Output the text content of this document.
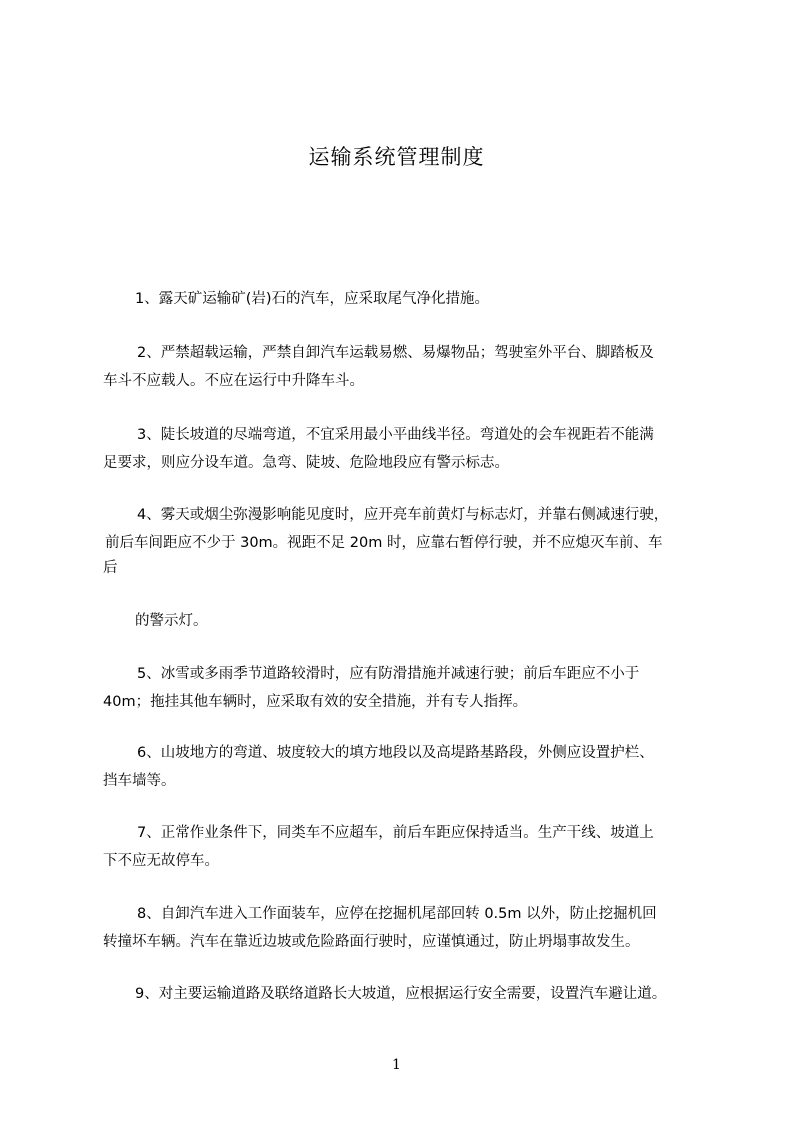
运输系统管理制度
1、露天矿运输矿(岩)石的汽车，应采取尾气净化措施。
2、严禁超载运输，严禁自卸汽车运载易燃、易爆物品；驾驶室外平台、脚踏板及
车斗不应载人。不应在运行中升降车斗。
3、陡长坡道的尽端弯道，不宜采用最小平曲线半径。弯道处的会车视距若不能满
足要求，则应分设车道。急弯、陡坡、危险地段应有警示标志。
4、雾天或烟尘弥漫影响能见度时，应开亮车前黄灯与标志灯，并靠右侧减速行驶，
前后车间距应不少于 30m。视距不足 20m 时，应靠右暂停行驶，并不应熄灭车前、车
后
的警示灯。
5、冰雪或多雨季节道路较滑时，应有防滑措施并减速行驶；前后车距应不小于
40m；拖挂其他车辆时，应采取有效的安全措施，并有专人指挥。
6、山坡地方的弯道、坡度较大的填方地段以及高堤路基路段，外侧应设置护栏、
挡车墙等。
7、正常作业条件下，同类车不应超车，前后车距应保持适当。生产干线、坡道上
下不应无故停车。
8、自卸汽车进入工作面装车，应停在挖掘机尾部回转 0.5m 以外，防止挖掘机回
转撞坏车辆。汽车在靠近边坡或危险路面行驶时，应谨慎通过，防止坍塌事故发生。
9、对主要运输道路及联络道路长大坡道，应根据运行安全需要，设置汽车避让道。
1
